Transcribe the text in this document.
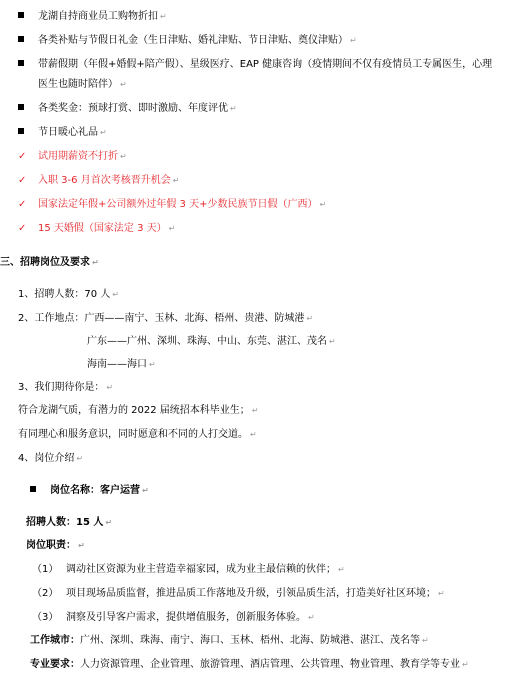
龙湖自持商业员工购物折扣 ↵
各类补贴与节假日礼金（生日津贴、婚礼津贴、节日津贴、奠仪津贴） ↵
带薪假期（年假+婚假+陪产假）、星级医疗、EAP 健康咨询（疫情期间不仅有疫情员工专属医生，心理
医生也随时陪伴） ↵
各类奖金：预球打赏、即时激励、年度评优 ↵
节日暖心礼品 ↵
✓ 试用期薪资不打折 ↵
✓ 入职 3-6 月首次考核晋升机会 ↵
✓ 国家法定年假+公司额外过年假 3 天+少数民族节日假（广西） ↵
✓ 15 天婚假（国家法定 3 天） ↵
三、招聘岗位及要求 ↵
1、招聘人数：70 人 ↵
2、工作地点：广西——南宁、玉林、北海、梧州、贵港、防城港 ↵
广东——广州、深圳、珠海、中山、东莞、湛江、茂名 ↵
海南——海口 ↵
3、我们期待你是： ↵
符合龙湖气质，有潜力的 2022 届统招本科毕业生； ↵
有同理心和服务意识，同时愿意和不同的人打交道。 ↵
4、岗位介绍 ↵
岗位名称：客户运营 ↵
招聘人数：15 人 ↵
岗位职责： ↵
（1） 调动社区资源为业主营造幸福家园，成为业主最信赖的伙伴； ↵
（2） 项目现场品质监督，推进品质工作落地及升级，引领品质生活，打造美好社区环境； ↵
（3） 洞察及引导客户需求，提供增值服务，创新服务体验。 ↵
工作城市：广州、深圳、珠海、南宁、海口、玉林、梧州、北海、防城港、湛江、茂名等 ↵
专业要求：人力资源管理、企业管理、旅游管理、酒店管理、公共管理、物业管理、教育学等专业 ↵
